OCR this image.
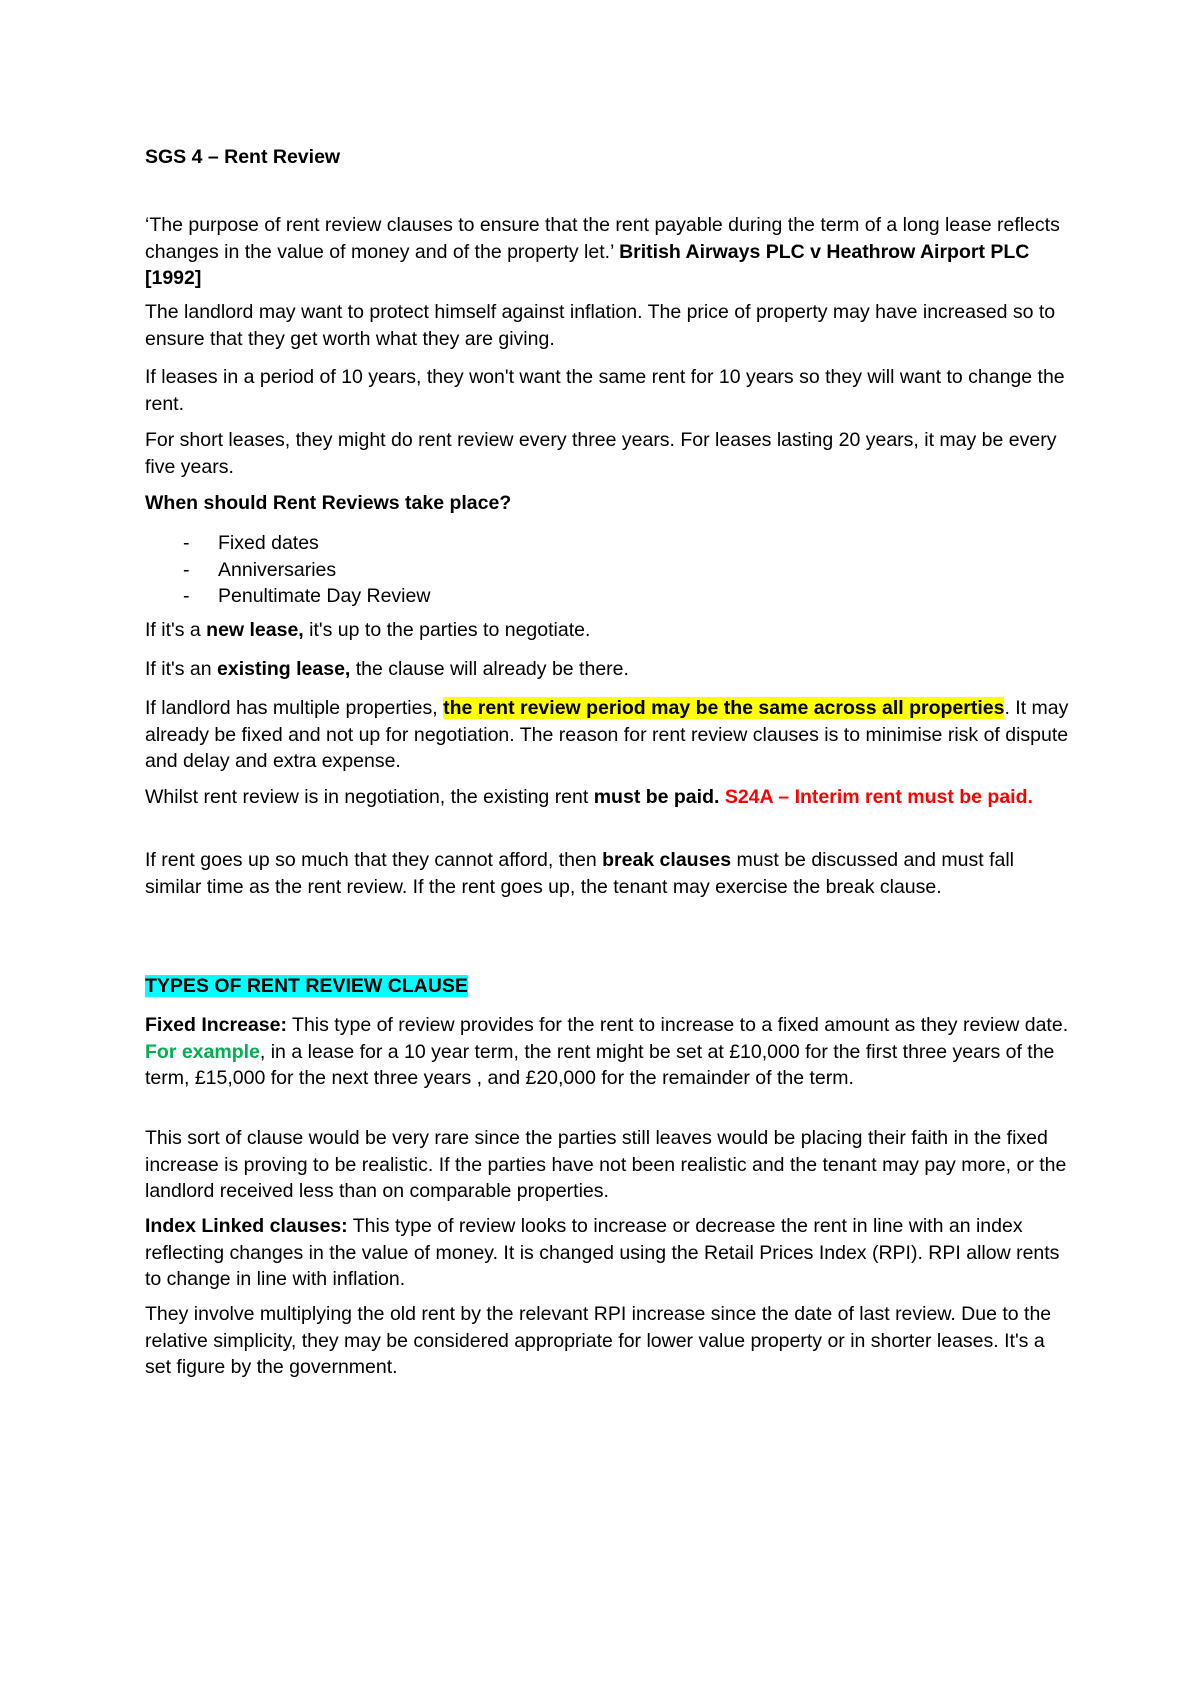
SGS 4 – Rent Review

‘The purpose of rent review clauses to ensure that the rent payable during the term of a long lease reflects changes in the value of money and of the property let.’ British Airways PLC v Heathrow Airport PLC [1992]

The landlord may want to protect himself against inflation. The price of property may have increased so to ensure that they get worth what they are giving.

If leases in a period of 10 years, they won't want the same rent for 10 years so they will want to change the rent.

For short leases, they might do rent review every three years. For leases lasting 20 years, it may be every five years.

When should Rent Reviews take place?

- Fixed dates
- Anniversaries
- Penultimate Day Review

If it's a new lease, it's up to the parties to negotiate.

If it's an existing lease, the clause will already be there.

If landlord has multiple properties, the rent review period may be the same across all properties. It may already be fixed and not up for negotiation. The reason for rent review clauses is to minimise risk of dispute and delay and extra expense.

Whilst rent review is in negotiation, the existing rent must be paid. S24A – Interim rent must be paid.

If rent goes up so much that they cannot afford, then break clauses must be discussed and must fall similar time as the rent review. If the rent goes up, the tenant may exercise the break clause.

TYPES OF RENT REVIEW CLAUSE

Fixed Increase: This type of review provides for the rent to increase to a fixed amount as they review date. For example, in a lease for a 10 year term, the rent might be set at £10,000 for the first three years of the term, £15,000 for the next three years , and £20,000 for the remainder of the term.

This sort of clause would be very rare since the parties still leaves would be placing their faith in the fixed increase is proving to be realistic. If the parties have not been realistic and the tenant may pay more, or the landlord received less than on comparable properties.

Index Linked clauses: This type of review looks to increase or decrease the rent in line with an index reflecting changes in the value of money. It is changed using the Retail Prices Index (RPI). RPI allow rents to change in line with inflation.

They involve multiplying the old rent by the relevant RPI increase since the date of last review. Due to the relative simplicity, they may be considered appropriate for lower value property or in shorter leases. It's a set figure by the government.
